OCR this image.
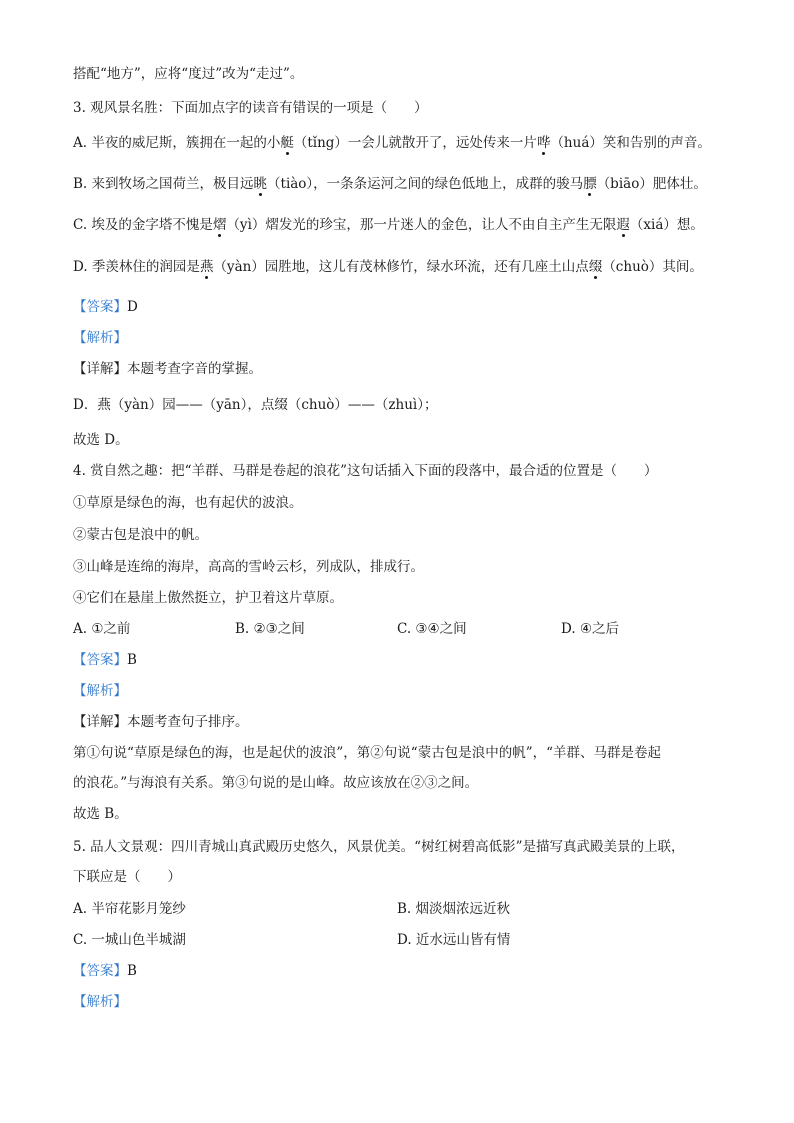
搭配“地方”，应将“度过”改为“走过”。
3. 观风景名胜：下面加点字的读音有错误的一项是（　　）
A. 半夜的威尼斯，簇拥在一起的小艇（tǐng）一会儿就散开了，远处传来一片哗（huá）笑和告别的声音。
B. 来到牧场之国荷兰，极目远眺（tiào），一条条运河之间的绿色低地上，成群的骏马膘（biāo）肥体壮。
C. 埃及的金字塔不愧是熠（yì）熠发光的珍宝，那一片迷人的金色，让人不由自主产生无限遐（xiá）想。
D. 季羡林住的润园是燕（yàn）园胜地，这儿有茂林修竹，绿水环流，还有几座土山点缀（chuò）其间。
【答案】D
【解析】
【详解】本题考查字音的掌握。
D．燕（yàn）园——（yān），点缀（chuò）——（zhuì）；
故选 D。
4. 赏自然之趣：把“羊群、马群是卷起的浪花”这句话插入下面的段落中，最合适的位置是（　　）
①草原是绿色的海，也有起伏的波浪。
②蒙古包是浪中的帆。
③山峰是连绵的海岸，高高的雪岭云杉，列成队，排成行。
④它们在悬崖上傲然挺立，护卫着这片草原。
A. ①之前	B. ②③之间	C. ③④之间	D. ④之后
【答案】B
【解析】
【详解】本题考查句子排序。
第①句说“草原是绿色的海，也是起伏的波浪”，第②句说“蒙古包是浪中的帆”，“羊群、马群是卷起
的浪花。”与海浪有关系。第③句说的是山峰。故应该放在②③之间。
故选 B。
5. 品人文景观：四川青城山真武殿历史悠久，风景优美。“树红树碧高低影”是描写真武殿美景的上联，
下联应是（　　）
A. 半帘花影月笼纱	B. 烟淡烟浓远近秋
C. 一城山色半城湖	D. 近水远山皆有情
【答案】B
【解析】
